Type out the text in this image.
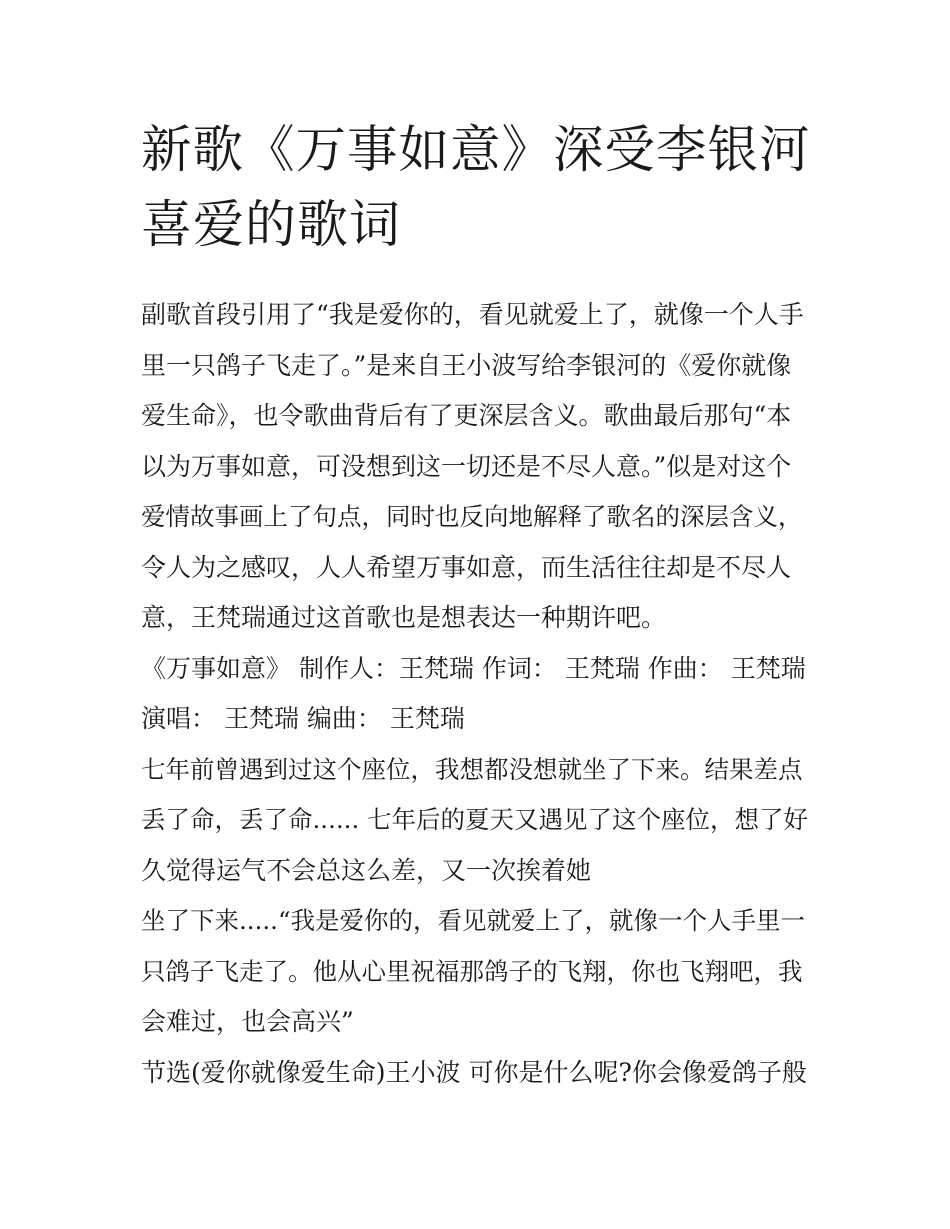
新歌《万事如意》深受李银河
喜爱的歌词

副歌首段引用了“我是爱你的，看见就爱上了，就像一个人手
里一只鸽子飞走了。”是来自王小波写给李银河的《爱你就像
爱生命》，也令歌曲背后有了更深层含义。歌曲最后那句“本
以为万事如意，可没想到这一切还是不尽人意。”似是对这个
爱情故事画上了句点，同时也反向地解释了歌名的深层含义，
令人为之感叹，人人希望万事如意，而生活往往却是不尽人
意，王梵瑞通过这首歌也是想表达一种期许吧。

《万事如意》 制作人：王梵瑞 作词： 王梵瑞 作曲： 王梵瑞
演唱： 王梵瑞 编曲： 王梵瑞

七年前曾遇到过这个座位，我想都没想就坐了下来。结果差点
丢了命，丢了命...... 七年后的夏天又遇见了这个座位，想了好
久觉得运气不会总这么差，又一次挨着她

坐了下来.....“我是爱你的，看见就爱上了，就像一个人手里一
只鸽子飞走了。他从心里祝福那鸽子的飞翔，你也飞翔吧，我
会难过，也会高兴”

节选(爱你就像爱生命)王小波 可你是什么呢?你会像爱鸽子般
